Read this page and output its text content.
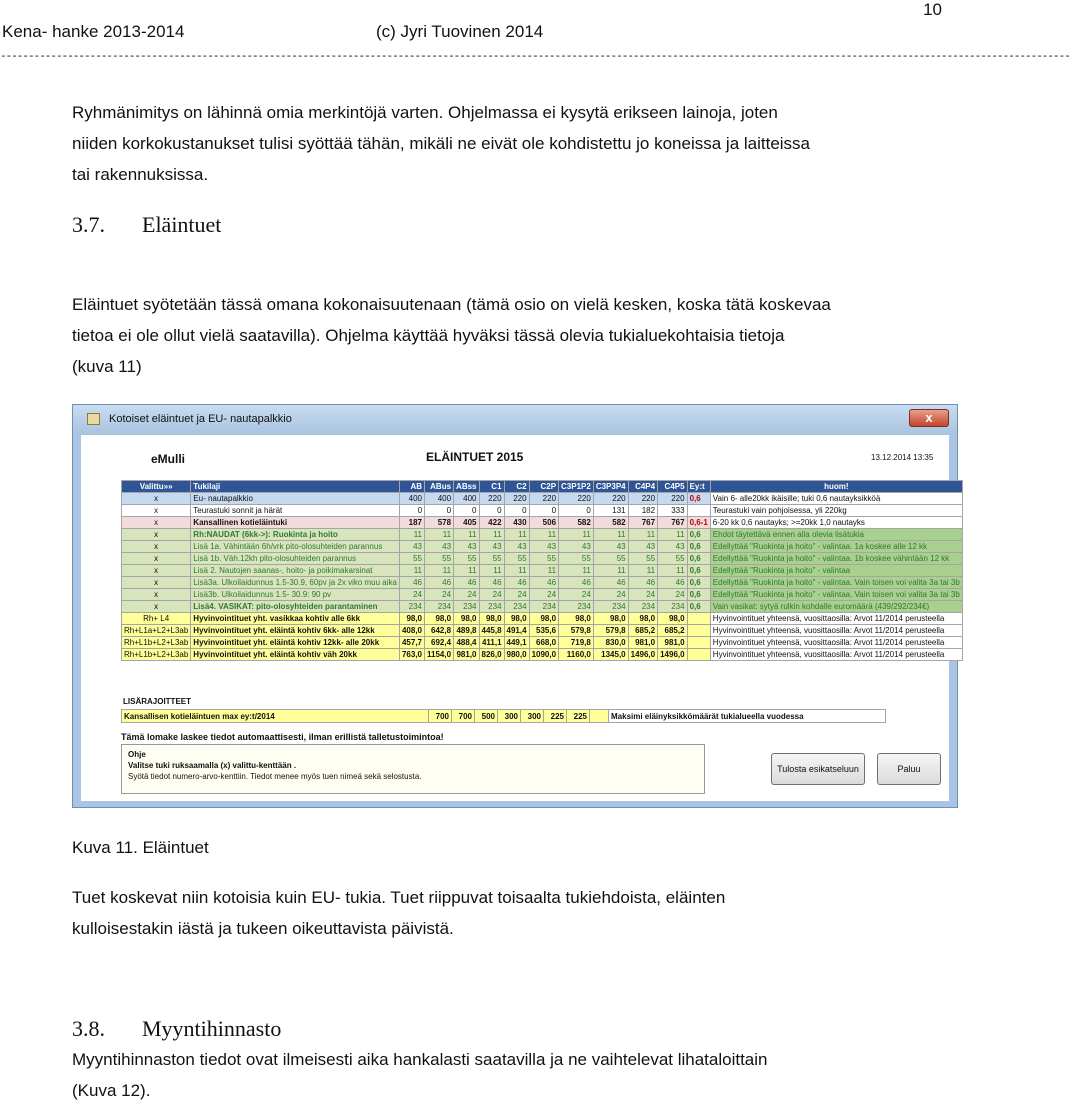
10
Kena- hanke 2013-2014	(c) Jyri Tuovinen 2014
-----------------------------------------------------------------------------------------------------------------------------------------------------------------------------------------------
Ryhmänimitys on lähinnä omia merkintöjä varten. Ohjelmassa ei kysytä erikseen lainoja, joten
niiden korkokustanukset tulisi syöttää tähän, mikäli ne eivät ole kohdistettu jo koneissa ja laitteissa
tai rakennuksissa.
3.7. Eläintuet
Eläintuet syötetään tässä omana kokonaisuutenaan (tämä osio on vielä kesken, koska tätä koskevaa
tietoa ei ole ollut vielä saatavilla). Ohjelma käyttää hyväksi tässä olevia tukialuekohtaisia tietoja
(kuva 11)
Kotoiset eläintuet ja EU- nautapalkkio	x
eMulli	ELÄINTUET 2015	13.12.2014 13:35
Valittu»»	Tukilaji	AB	ABus	ABss	C1	C2	C2P	C3P1P2	C3P3P4	C4P4	C4P5	Ey:t	huom!
x	Eu- nautapalkkio	400	400	400	220	220	220	220	220	220	220	0,6	Vain 6- alle20kk ikäisille; tuki 0,6 nautayksikköä
x	Teurastuki sonnit ja härät	0	0	0	0	0	0	0	131	182	333		Teurastuki vain pohjoisessa, yli 220kg
x	Kansallinen kotieläintuki	187	578	405	422	430	506	582	582	767	767	0,6-1	6-20 kk 0,6 nautayks; >=20kk 1,0 nautayks
x	Rh:NAUDAT (6kk->): Ruokinta ja hoito	11	11	11	11	11	11	11	11	11	11	0,6	Ehdot täytettävä ennen alla olevia lisätukia
x	Lisä 1a. Vähintään 6h/vrk pito-olosuhteiden parannus	43	43	43	43	43	43	43	43	43	43	0,6	Edellyttää "Ruokinta ja hoito" - valintaa. 1a koskee alle 12 kk
x	Lisä 1b. Väh.12kh pito-olosuhteiden parannus	55	55	55	55	55	55	55	55	55	55	0,6	Edellyttää "Ruokinta ja hoito" - valintaa. 1b koskee vähintään 12 kk
x	Lisä 2. Nautojen saanas-, hoito- ja poikimakarsinat	11	11	11	11	11	11	11	11	11	11	0,6	Edellyttää "Ruokinta ja hoito" - valintaa
x	Lisä3a. Ulkoilaidunnus 1.5-30.9, 60pv ja 2x viko muu aika	46	46	46	46	46	46	46	46	46	46	0,6	Edellyttää "Ruokinta ja hoito" - valintaa. Vain toisen voi valita 3a tai 3b
x	Lisä3b. Ulkoilaidunnus 1.5- 30.9: 90 pv	24	24	24	24	24	24	24	24	24	24	0,6	Edellyttää "Ruokinta ja hoito" - valintaa. Vain toisen voi valita 3a tai 3b
x	Lisä4. VASIKAT: pito-olosyhteiden parantaminen	234	234	234	234	234	234	234	234	234	234	0,6	Vain vasikat: sytyä rulkin kohdalle euromäärä (439/292/234€)
Rh+ L4	Hyvinvointituet yht. vasikkaa kohtiv alle 6kk	98,0	98,0	98,0	98,0	98,0	98,0	98,0	98,0	98,0	98,0		Hyvinvointituet yhteensä, vuosittaosilla: Arvot 11/2014 perusteella
Rh+L1a+L2+L3ab	Hyvinvointituet yht. eläintä kohtiv 6kk- alle 12kk	408,0	642,8	489,8	445,8	491,4	535,6	579,8	579,8	685,2	685,2		Hyvinvointituet yhteensä, vuosittaosilla: Arvot 11/2014 perusteella
Rh+L1b+L2+L3ab	Hyvinvointituet yht. eläintä kohtiv 12kk- alle 20kk	457,7	692,4	488,4	411,1	449,1	668,0	719,8	830,0	981,0	981,0		Hyvinvointituet yhteensä, vuosittaosilla: Arvot 11/2014 perusteella
Rh+L1b+L2+L3ab	Hyvinvointituet yht. eläintä kohtiv väh 20kk	763,0	1154,0	981,0	826,0	980,0	1090,0	1160,0	1345,0	1496,0	1496,0		Hyvinvointituet yhteensä, vuosittaosilla: Arvot 11/2014 perusteella
LISÄRAJOITTEET
Kansallisen kotieläintuen max ey:t/2014	700	700	500	300	300	225	225		Maksimi eläinyksikkömäärät tukialueella vuodessa
Tämä lomake laskee tiedot automaattisesti, ilman erillistä talletustoimintoa!
Ohje
Valitse tuki ruksaamalla (x) valittu-kenttään .
Syötä tiedot numero-arvo-kenttiin. Tiedot menee myös tuen nimeä sekä selostusta.
Tulosta esikatseluun	Paluu
Kuva 11. Eläintuet
Tuet koskevat niin kotoisia kuin EU- tukia. Tuet riippuvat toisaalta tukiehdoista, eläinten
kulloisestakin iästä ja tukeen oikeuttavista päivistä.
3.8. Myyntihinnasto
Myyntihinnaston tiedot ovat ilmeisesti aika hankalasti saatavilla ja ne vaihtelevat lihataloittain
(Kuva 12).
